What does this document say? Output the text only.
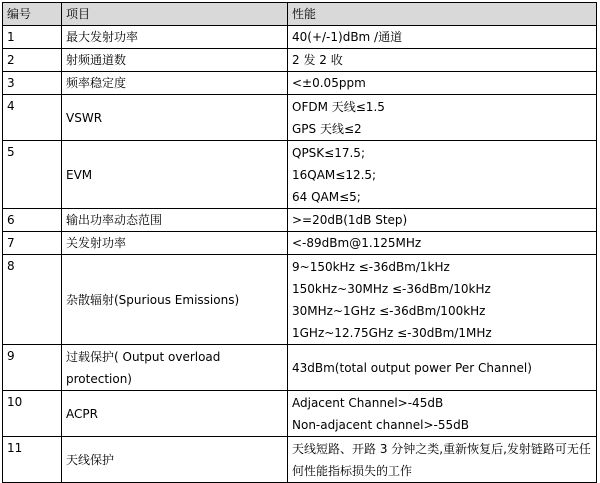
编号	项目	性能
1	最大发射功率	40(+/-1)dBm /通道

2	射频通道数	2 发 2 收

3	频率稳定度	<±0.05ppm

4	VSWR	OFDM 天线≤1.5
GPS 天线≤2

5	EVM	QPSK≤17.5;
16QAM≤12.5;
64 QAM≤5;

6	输出功率动态范围	>=20dB(1dB Step)

7	关发射功率	<-89dBm@1.125MHz

8	杂散辐射(Spurious Emissions)	9~150kHz ≤-36dBm/1kHz
150kHz~30MHz ≤-36dBm/10kHz
30MHz~1GHz ≤-36dBm/100kHz
1GHz~12.75GHz ≤-30dBm/1MHz

9	过载保护( Output overload protection)	43dBm(total output power Per Channel)

10	ACPR	Adjacent Channel>-45dB
Non-adjacent channel>-55dB

11	天线保护	天线短路、开路 3 分钟之类,重新恢复后,发射链路可无任何性能指标损失的工作
